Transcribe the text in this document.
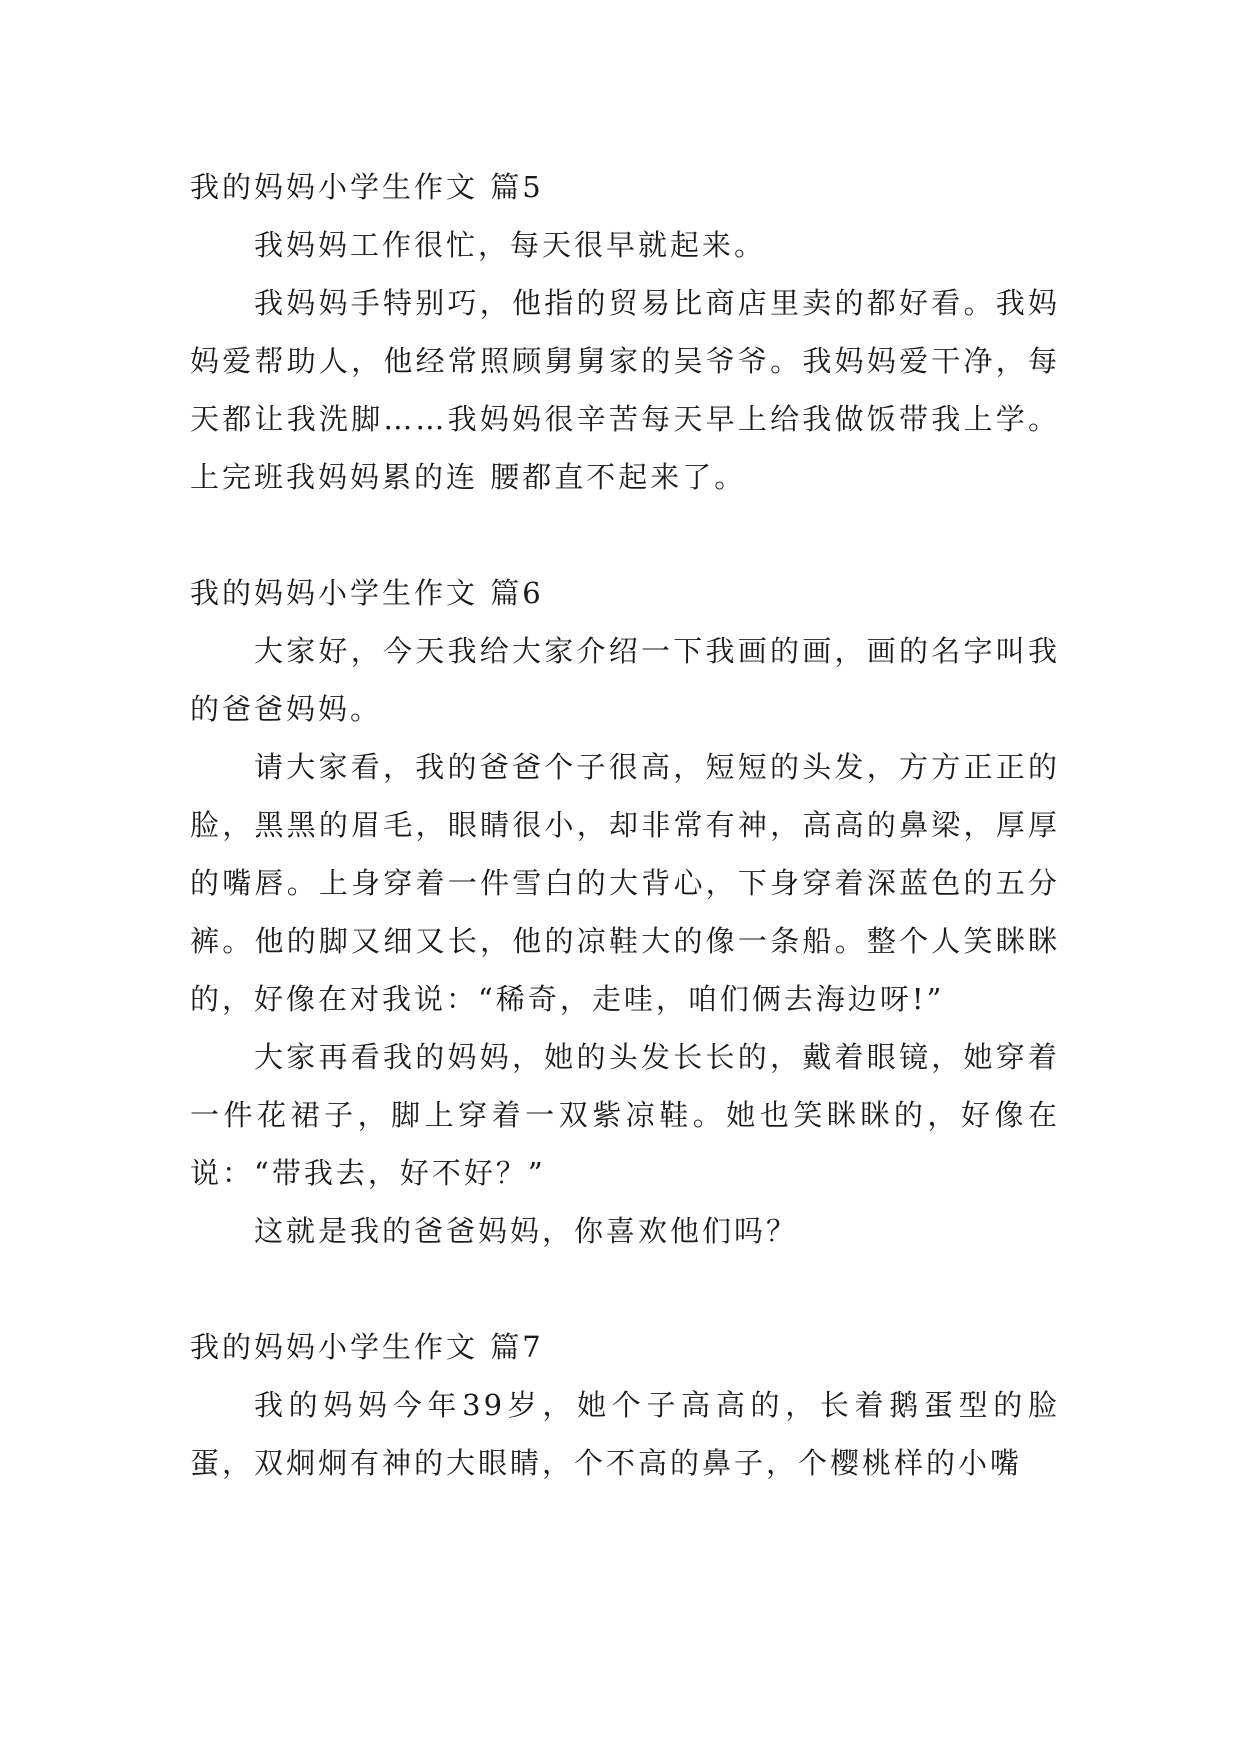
我的妈妈小学生作文 篇5

我妈妈工作很忙，每天很早就起来。

我妈妈手特别巧，他指的贸易比商店里卖的都好看。我妈妈爱帮助人，他经常照顾舅舅家的吴爷爷。我妈妈爱干净，每天都让我洗脚……我妈妈很辛苦每天早上给我做饭带我上学。上完班我妈妈累的连 腰都直不起来了。

我的妈妈小学生作文 篇6

大家好，今天我给大家介绍一下我画的画，画的名字叫我的爸爸妈妈。

请大家看，我的爸爸个子很高，短短的头发，方方正正的脸，黑黑的眉毛，眼睛很小，却非常有神，高高的鼻梁，厚厚的嘴唇。上身穿着一件雪白的大背心，下身穿着深蓝色的五分裤。他的脚又细又长，他的凉鞋大的像一条船。整个人笑眯眯的，好像在对我说：“稀奇，走哇，咱们俩去海边呀!”

大家再看我的妈妈，她的头发长长的，戴着眼镜，她穿着一件花裙子，脚上穿着一双紫凉鞋。她也笑眯眯的，好像在说：“带我去，好不好？”

这就是我的爸爸妈妈，你喜欢他们吗？

我的妈妈小学生作文 篇7

我的妈妈今年39岁，她个子高高的，长着鹅蛋型的脸蛋，双炯炯有神的大眼睛，个不高的鼻子，个樱桃样的小嘴
